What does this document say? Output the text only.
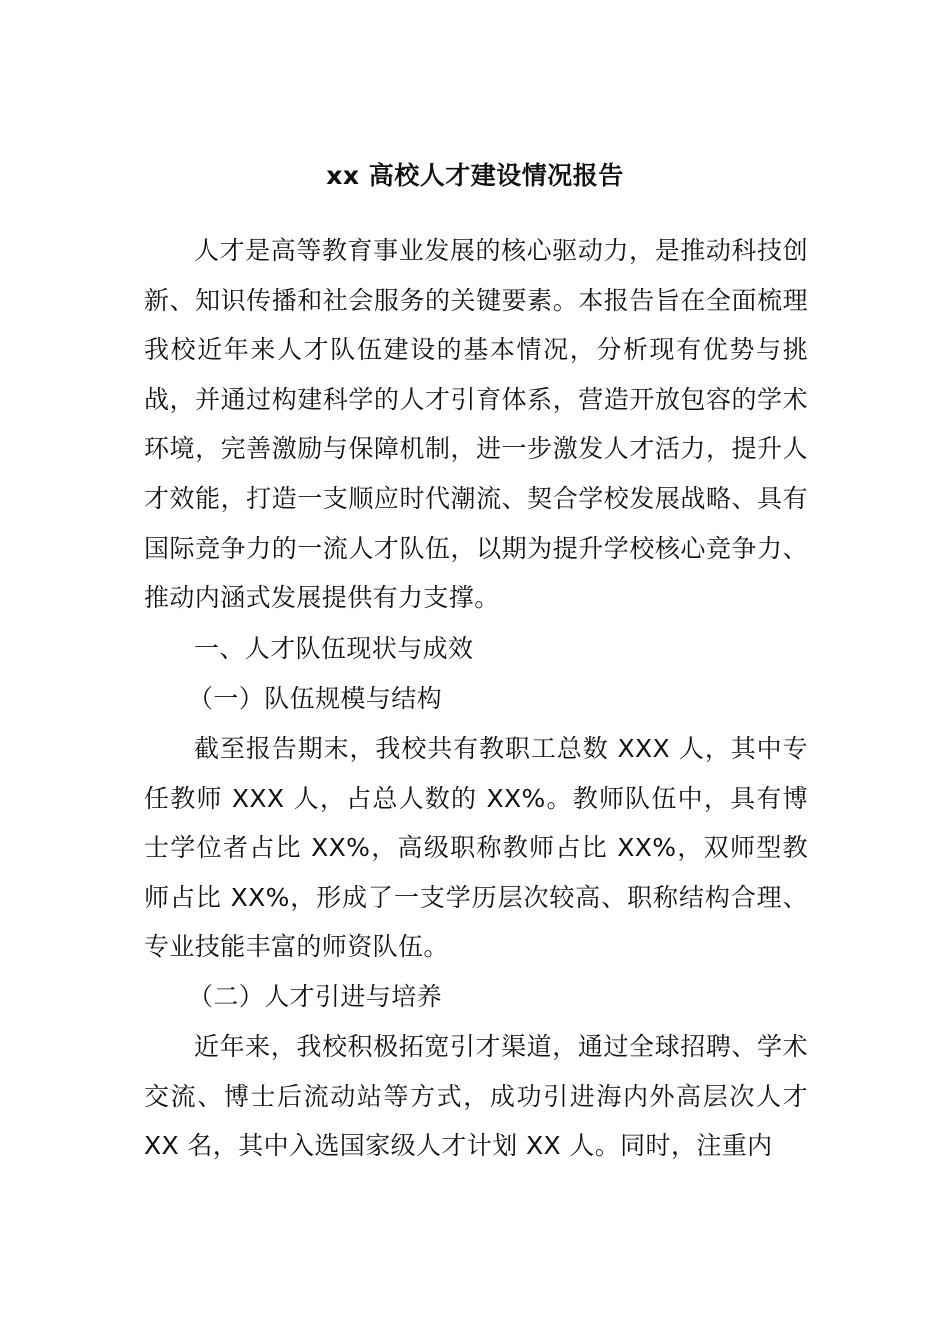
xx 高校人才建设情况报告

人才是高等教育事业发展的核心驱动力，是推动科技创新、知识传播和社会服务的关键要素。本报告旨在全面梳理我校近年来人才队伍建设的基本情况，分析现有优势与挑战，并通过构建科学的人才引育体系，营造开放包容的学术环境，完善激励与保障机制，进一步激发人才活力，提升人才效能，打造一支顺应时代潮流、契合学校发展战略、具有国际竞争力的一流人才队伍，以期为提升学校核心竞争力、推动内涵式发展提供有力支撑。

一、人才队伍现状与成效

（一）队伍规模与结构

截至报告期末，我校共有教职工总数 XXX 人，其中专任教师 XXX 人，占总人数的 XX%。教师队伍中，具有博士学位者占比 XX%，高级职称教师占比 XX%，双师型教师占比 XX%，形成了一支学历层次较高、职称结构合理、专业技能丰富的师资队伍。

（二）人才引进与培养

近年来，我校积极拓宽引才渠道，通过全球招聘、学术交流、博士后流动站等方式，成功引进海内外高层次人才 XX 名，其中入选国家级人才计划 XX 人。同时，注重内
